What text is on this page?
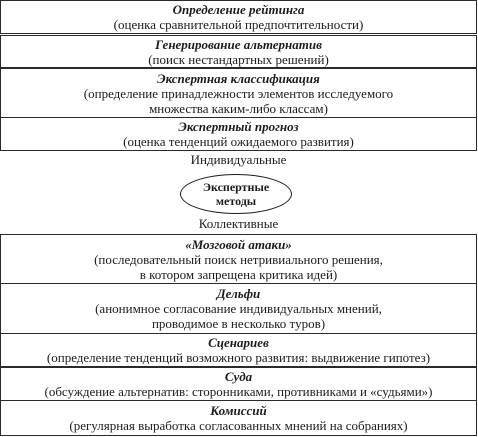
Определение рейтинга
(оценка сравнительной предпочтительности)
Генерирование альтернатив
(поиск нестандартных решений)
Экспертная классификация
(определение принадлежности элементов исследуемого
множества каким-либо классам)
Экспертный прогноз
(оценка тенденций ожидаемого развития)
Индивидуальные
Экспертные
методы
Коллективные
«Мозговой атаки»
(последовательный поиск нетривиального решения,
в котором запрещена критика идей)
Дельфи
(анонимное согласование индивидуальных мнений,
проводимое в несколько туров)
Сценариев
(определение тенденций возможного развития: выдвижение гипотез)
Суда
(обсуждение альтернатив: сторонниками, противниками и «судьями»)
Комиссий
(регулярная выработка согласованных мнений на собраниях)
